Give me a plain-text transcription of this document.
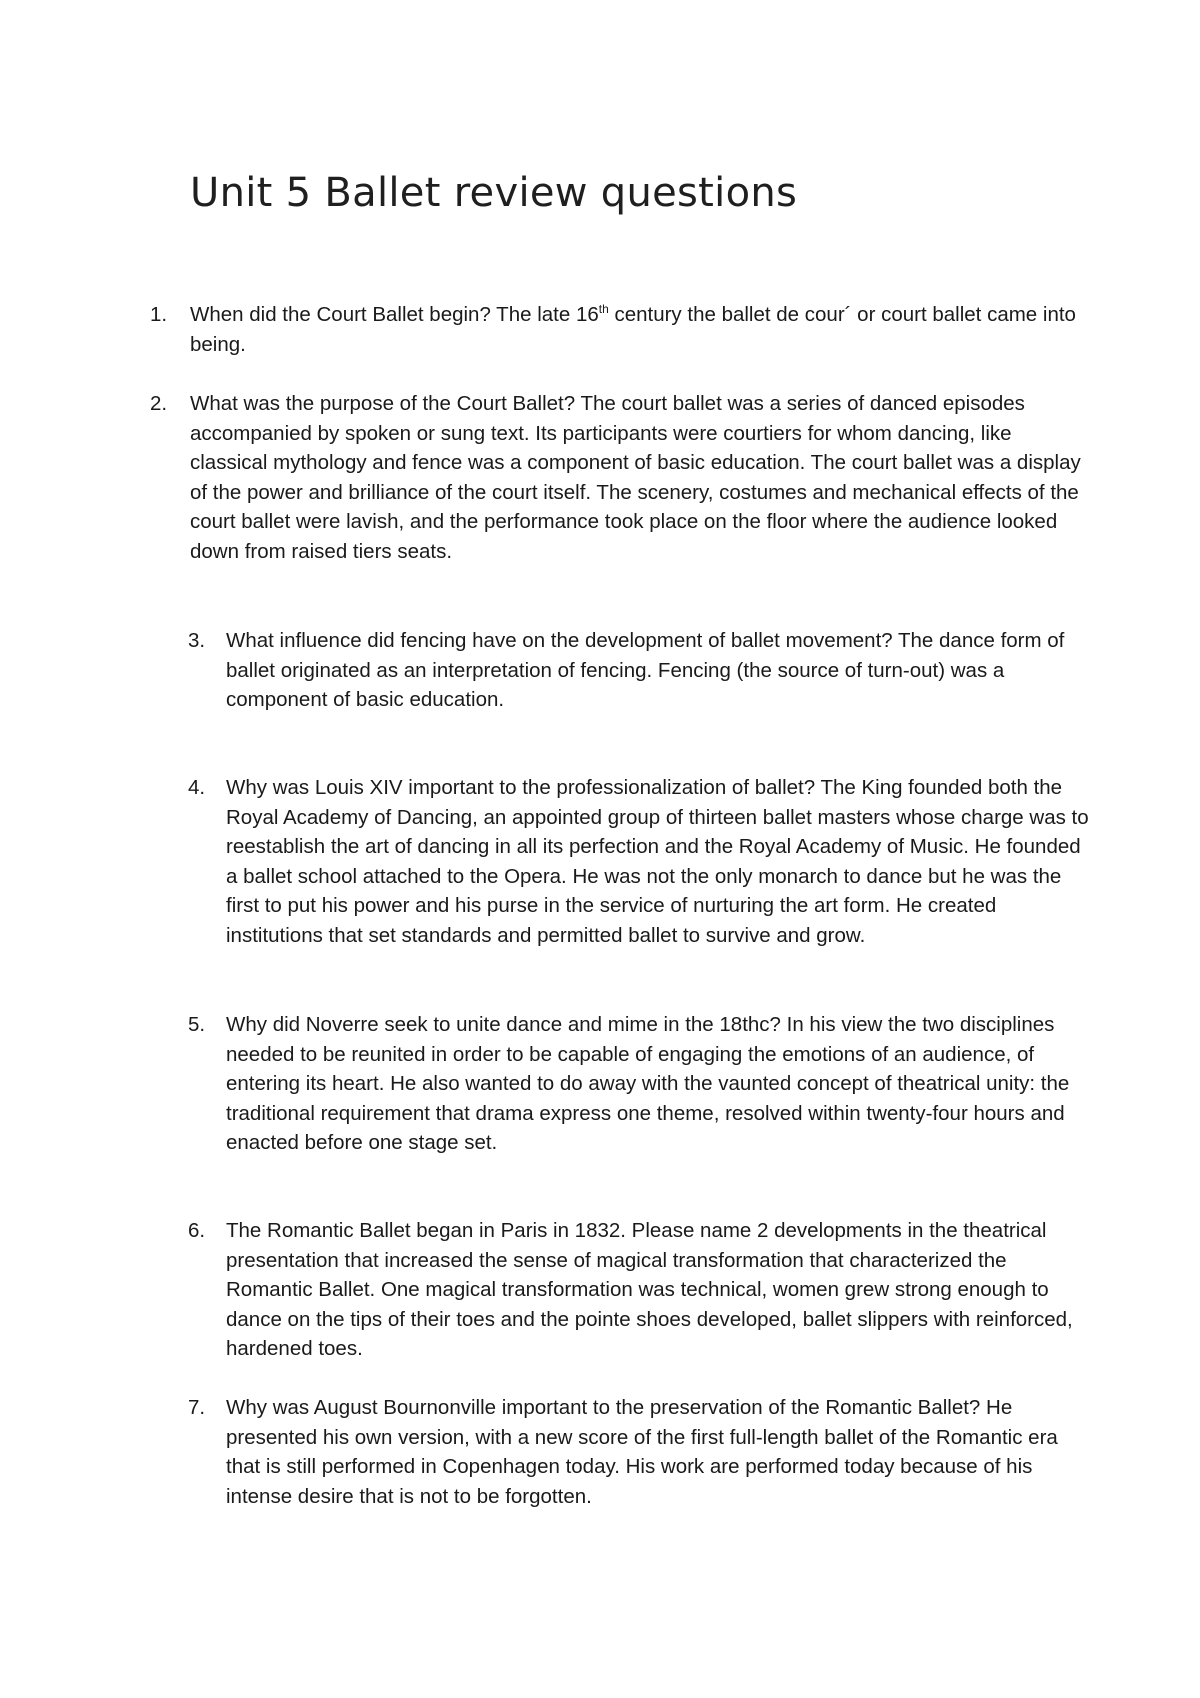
Unit 5 Ballet review questions
1. When did the Court Ballet begin? The late 16th century the ballet de cour´ or court ballet came into being.
2. What was the purpose of the Court Ballet? The court ballet was a series of danced episodes accompanied by spoken or sung text. Its participants were courtiers for whom dancing, like classical mythology and fence was a component of basic education. The court ballet was a display of the power and brilliance of the court itself. The scenery, costumes and mechanical effects of the court ballet were lavish, and the performance took place on the floor where the audience looked down from raised tiers seats.
3. What influence did fencing have on the development of ballet movement? The dance form of ballet originated as an interpretation of fencing. Fencing (the source of turn-out) was a component of basic education.
4. Why was Louis XIV important to the professionalization of ballet? The King founded both the Royal Academy of Dancing, an appointed group of thirteen ballet masters whose charge was to reestablish the art of dancing in all its perfection and the Royal Academy of Music. He founded a ballet school attached to the Opera. He was not the only monarch to dance but he was the first to put his power and his purse in the service of nurturing the art form. He created institutions that set standards and permitted ballet to survive and grow.
5. Why did Noverre seek to unite dance and mime in the 18thc? In his view the two disciplines needed to be reunited in order to be capable of engaging the emotions of an audience, of entering its heart. He also wanted to do away with the vaunted concept of theatrical unity: the traditional requirement that drama express one theme, resolved within twenty-four hours and enacted before one stage set.
6. The Romantic Ballet began in Paris in 1832. Please name 2 developments in the theatrical presentation that increased the sense of magical transformation that characterized the Romantic Ballet. One magical transformation was technical, women grew strong enough to dance on the tips of their toes and the pointe shoes developed, ballet slippers with reinforced, hardened toes.
7. Why was August Bournonville important to the preservation of the Romantic Ballet? He presented his own version, with a new score of the first full-length ballet of the Romantic era that is still performed in Copenhagen today. His work are performed today because of his intense desire that is not to be forgotten.
